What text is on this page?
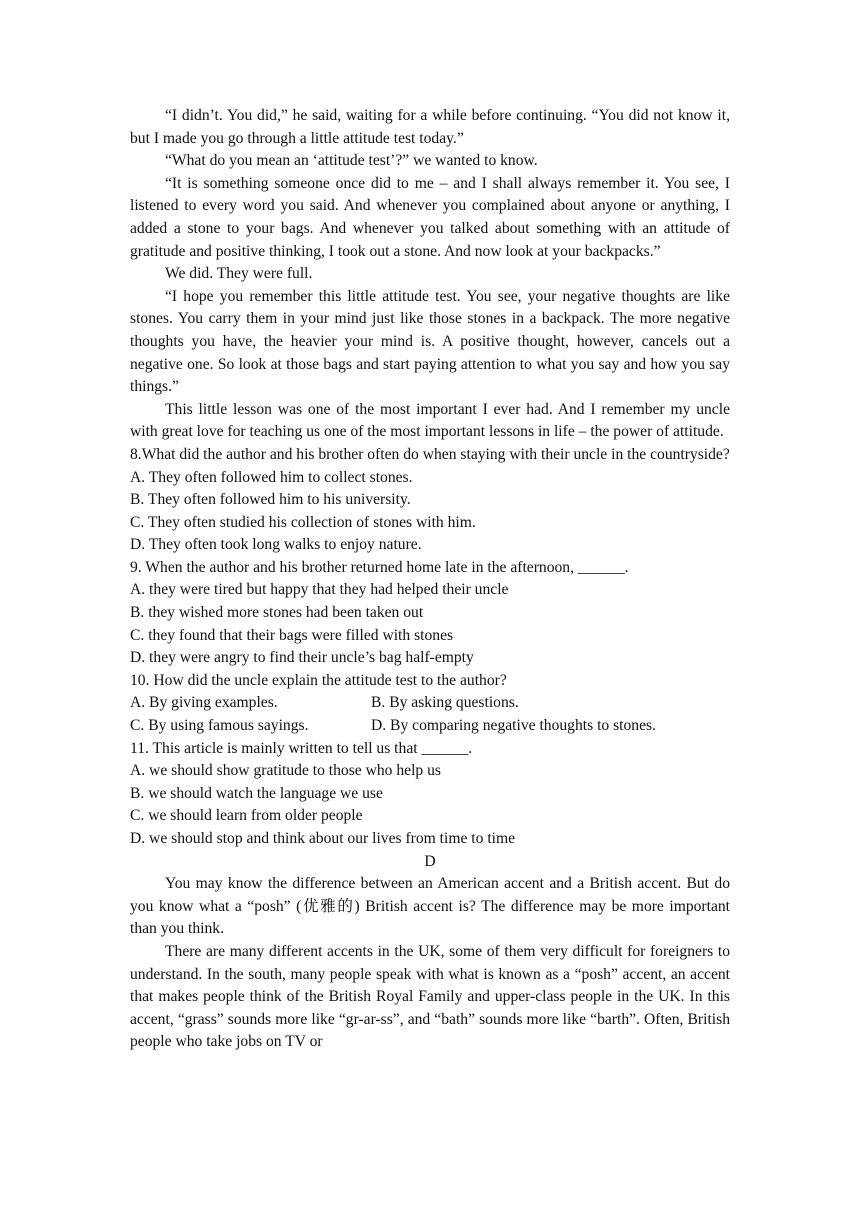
“I didn’t. You did,” he said, waiting for a while before continuing. “You did not know it, but I made you go through a little attitude test today.”

“What do you mean an ‘attitude test’?” we wanted to know.

“It is something someone once did to me – and I shall always remember it. You see, I listened to every word you said. And whenever you complained about anyone or anything, I added a stone to your bags. And whenever you talked about something with an attitude of gratitude and positive thinking, I took out a stone. And now look at your backpacks.”

We did. They were full.

“I hope you remember this little attitude test. You see, your negative thoughts are like stones. You carry them in your mind just like those stones in a backpack. The more negative thoughts you have, the heavier your mind is. A positive thought, however, cancels out a negative one. So look at those bags and start paying attention to what you say and how you say things.”

This little lesson was one of the most important I ever had. And I remember my uncle with great love for teaching us one of the most important lessons in life – the power of attitude.

8.What did the author and his brother often do when staying with their uncle in the countryside?

A. They often followed him to collect stones.

B. They often followed him to his university.

C. They often studied his collection of stones with him.

D. They often took long walks to enjoy nature.

9. When the author and his brother returned home late in the afternoon, ______.

A. they were tired but happy that they had helped their uncle

B. they wished more stones had been taken out

C. they found that their bags were filled with stones

D. they were angry to find their uncle’s bag half-empty

10. How did the uncle explain the attitude test to the author?

A. By giving examples.	B. By asking questions.
C. By using famous sayings.	D. By comparing negative thoughts to stones.

11. This article is mainly written to tell us that ______.

A. we should show gratitude to those who help us

B. we should watch the language we use

C. we should learn from older people

D. we should stop and think about our lives from time to time

D

You may know the difference between an American accent and a British accent. But do you know what a “posh” (优雅的) British accent is? The difference may be more important than you think.

There are many different accents in the UK, some of them very difficult for foreigners to understand. In the south, many people speak with what is known as a “posh” accent, an accent that makes people think of the British Royal Family and upper-class people in the UK. In this accent, “grass” sounds more like “gr-ar-ss”, and “bath” sounds more like “barth”. Often, British people who take jobs on TV or
